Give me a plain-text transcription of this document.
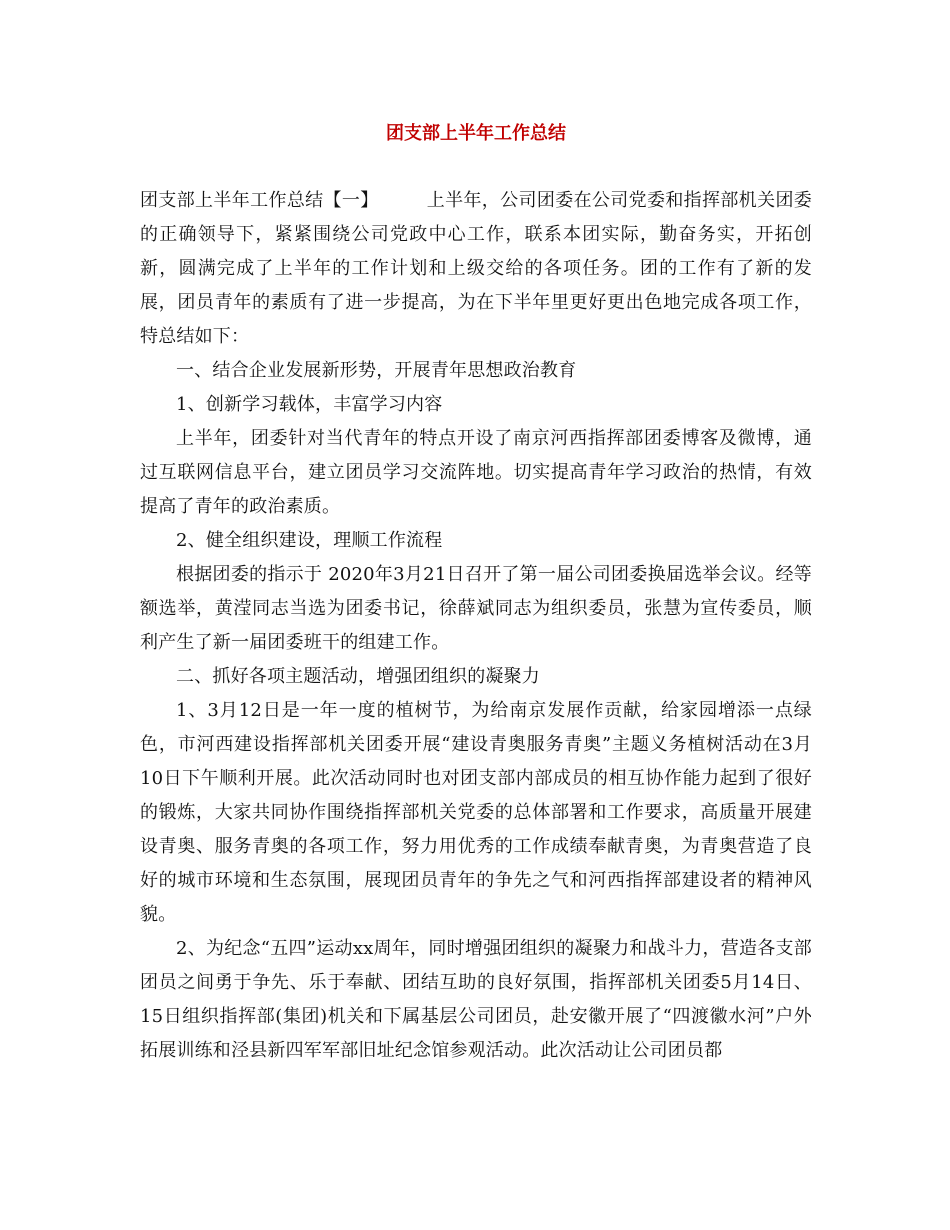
团支部上半年工作总结

团支部上半年工作总结【一】	上半年，公司团委在公司党委和指挥部机关团委的正确领导下，紧紧围绕公司党政中心工作，联系本团实际，勤奋务实，开拓创新，圆满完成了上半年的工作计划和上级交给的各项任务。团的工作有了新的发展，团员青年的素质有了进一步提高，为在下半年里更好更出色地完成各项工作，特总结如下：

一、结合企业发展新形势，开展青年思想政治教育

1、创新学习载体，丰富学习内容

上半年，团委针对当代青年的特点开设了南京河西指挥部团委博客及微博，通过互联网信息平台，建立团员学习交流阵地。切实提高青年学习政治的热情，有效提高了青年的政治素质。

2、健全组织建设，理顺工作流程

根据团委的指示于 2020年3月21日召开了第一届公司团委换届选举会议。经等额选举，黄滢同志当选为团委书记，徐薛斌同志为组织委员，张慧为宣传委员，顺利产生了新一届团委班干的组建工作。

二、抓好各项主题活动，增强团组织的凝聚力

1、3月12日是一年一度的植树节，为给南京发展作贡献，给家园增添一点绿色，市河西建设指挥部机关团委开展“建设青奥服务青奥”主题义务植树活动在3月10日下午顺利开展。此次活动同时也对团支部内部成员的相互协作能力起到了很好的锻炼，大家共同协作围绕指挥部机关党委的总体部署和工作要求，高质量开展建设青奥、服务青奥的各项工作，努力用优秀的工作成绩奉献青奥，为青奥营造了良好的城市环境和生态氛围，展现团员青年的争先之气和河西指挥部建设者的精神风貌。

2、为纪念“五四”运动xx周年，同时增强团组织的凝聚力和战斗力，营造各支部团员之间勇于争先、乐于奉献、团结互助的良好氛围，指挥部机关团委5月14日、15日组织指挥部(集团)机关和下属基层公司团员，赴安徽开展了“四渡徽水河”户外拓展训练和泾县新四军军部旧址纪念馆参观活动。此次活动让公司团员都
